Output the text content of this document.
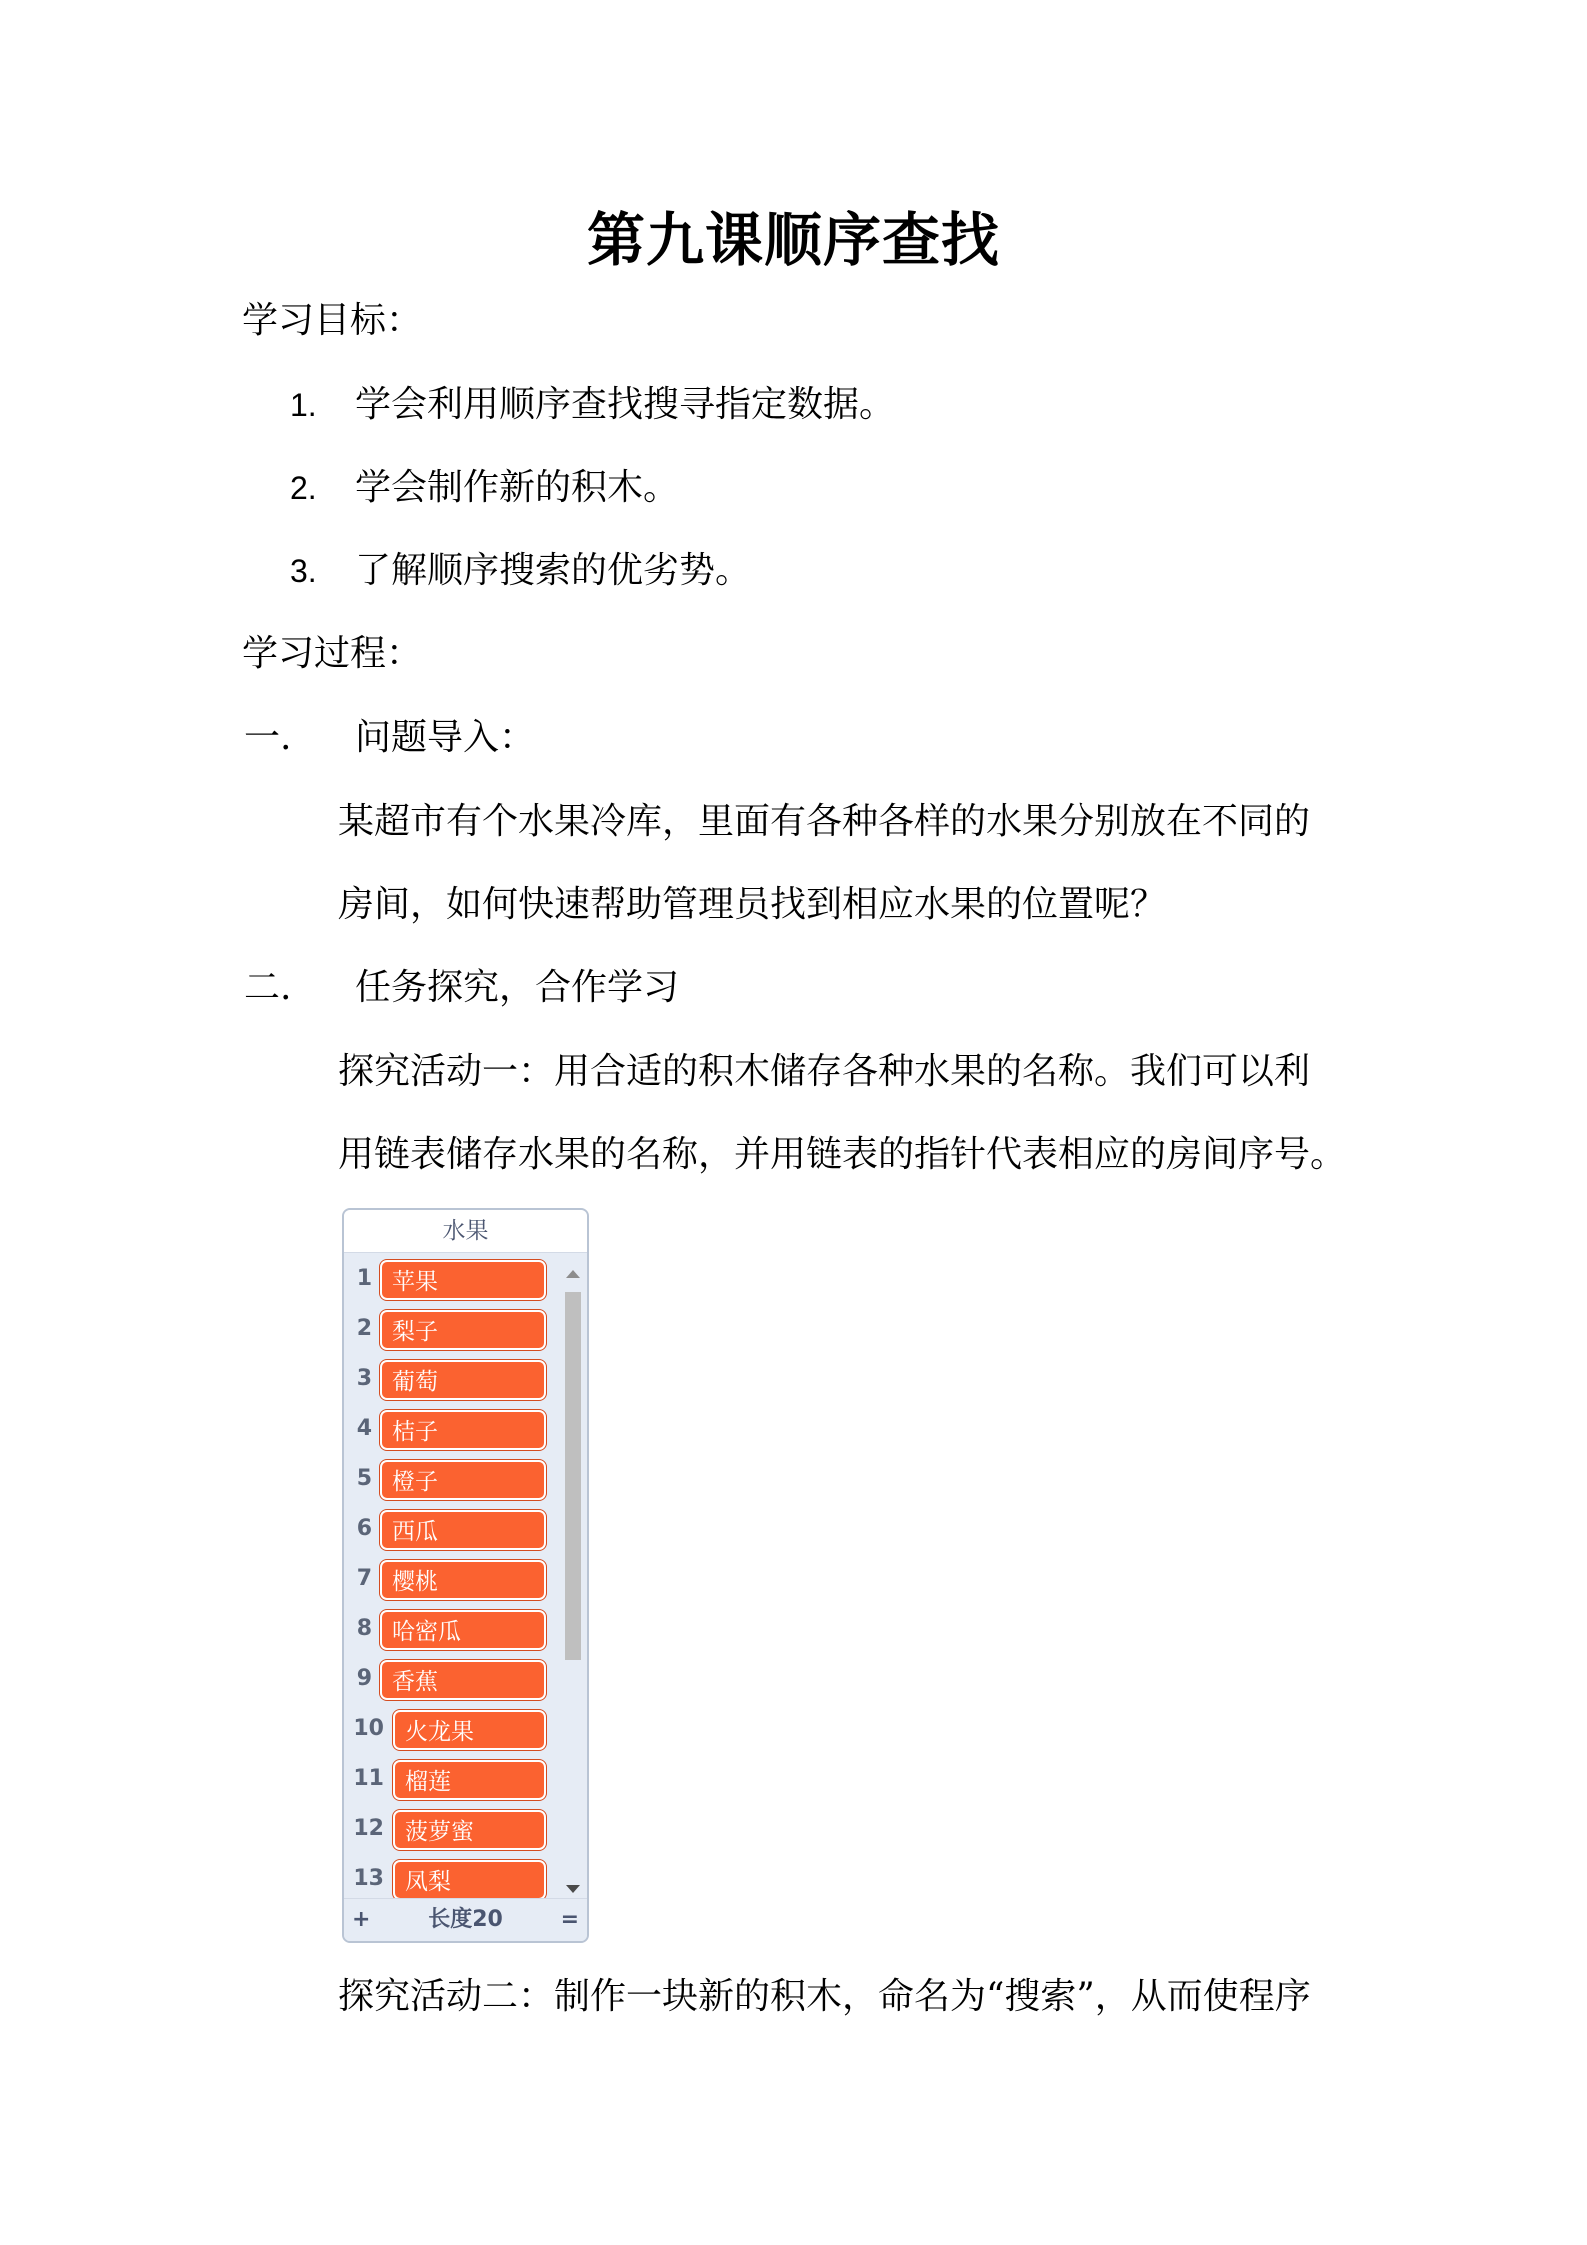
第九课顺序查找
学习目标：
1. 学会利用顺序查找搜寻指定数据。
2. 学会制作新的积木。
3. 了解顺序搜索的优劣势。
学习过程：
一. 问题导入：
某超市有个水果冷库，里面有各种各样的水果分别放在不同的
房间，如何快速帮助管理员找到相应水果的位置呢？
二. 任务探究，合作学习
探究活动一：用合适的积木储存各种水果的名称。我们可以利
用链表储存水果的名称，并用链表的指针代表相应的房间序号。
水果
1 苹果
2 梨子
3 葡萄
4 桔子
5 橙子
6 西瓜
7 樱桃
8 哈密瓜
9 香蕉
10 火龙果
11 榴莲
12 菠萝蜜
13 凤梨
长度20
+	=
探究活动二：制作一块新的积木，命名为“搜索”，从而使程序
